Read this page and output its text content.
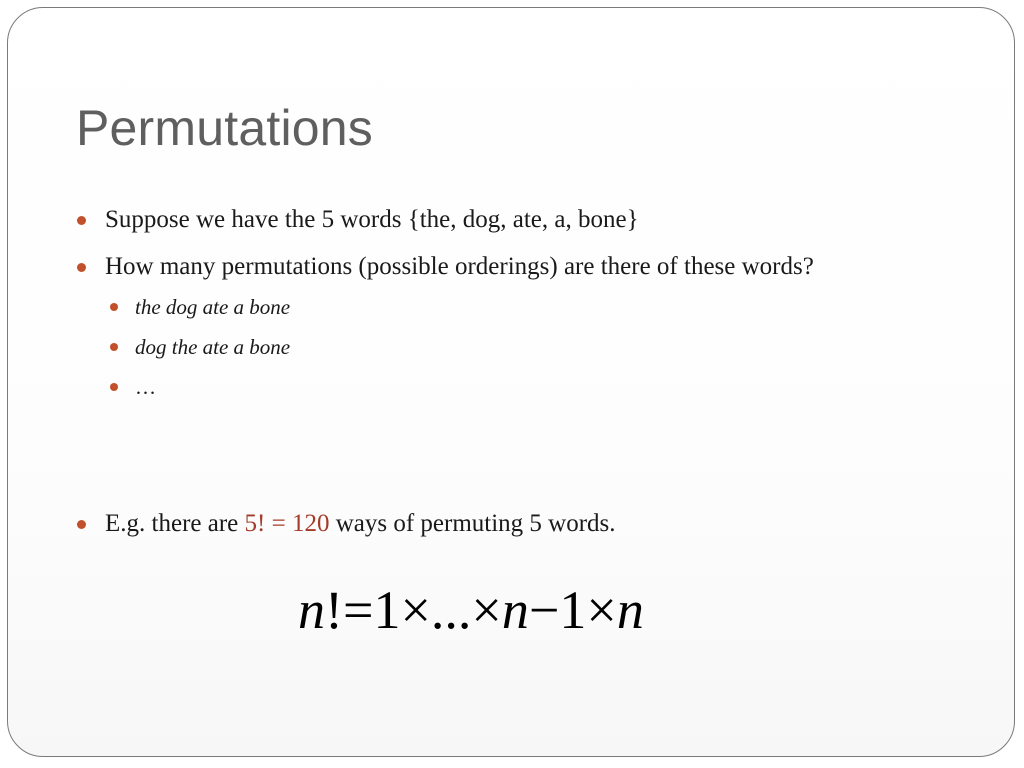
Permutations
Suppose we have the 5 words {the, dog, ate, a, bone}
How many permutations (possible orderings) are there of these words?
the dog ate a bone
dog the ate a bone
…
E.g. there are 5! = 120 ways of permuting 5 words.
n!=1×...×n−1×n
